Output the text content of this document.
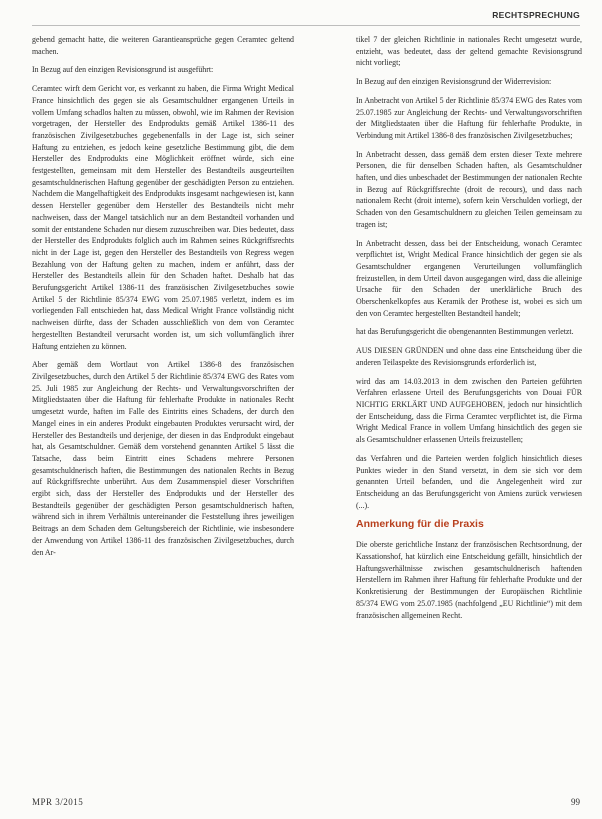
RECHTSPRECHUNG

gebend gemacht hatte, die weiteren Garantieansprüche gegen Ceramtec geltend machen.

In Bezug auf den einzigen Revisionsgrund ist ausgeführt:

Ceramtec wirft dem Gericht vor, es verkannt zu haben, die Firma Wright Medical France hinsichtlich des gegen sie als Gesamtschuldner ergangenen Urteils in vollem Umfang schadlos halten zu müssen, obwohl, wie im Rahmen der Revision vorgetragen, der Hersteller des Endprodukts gemäß Artikel 1386-11 des französischen Zivilgesetzbuches gegebenenfalls in der Lage ist, sich seiner Haftung zu entziehen, es jedoch keine gesetzliche Bestimmung gibt, die dem Hersteller des Endprodukts eine Möglichkeit eröffnet würde, sich eine festgestellten, gemeinsam mit dem Hersteller des Bestandteils ausgeurteilten gesamtschuldnerischen Haftung gegenüber der geschädigten Person zu entziehen. Nachdem die Mangelhaftigkeit des Endprodukts insgesamt nachgewiesen ist, kann dessen Hersteller gegenüber dem Hersteller des Bestandteils nicht mehr nachweisen, dass der Mangel tatsächlich nur an dem Bestandteil vorhanden und somit der entstandene Schaden nur diesem zuzuschreiben war. Dies bedeutet, dass der Hersteller des Endprodukts folglich auch im Rahmen seines Rückgriffsrechts nicht in der Lage ist, gegen den Hersteller des Bestandteils von Regress wegen Bezahlung von der Haftung gelten zu machen, indem er anführt, dass der Hersteller des Bestandteils allein für den Schaden haftet. Deshalb hat das Berufungsgericht Artikel 1386-11 des französischen Zivilgesetzbuches sowie Artikel 5 der Richtlinie 85/374 EWG vom 25.07.1985 verletzt, indem es im vorliegenden Fall entschieden hat, dass Medical Wright France vollständig nicht nachweisen dürfte, dass der Schaden ausschließlich von dem von Ceramtec hergestellten Bestandteil verursacht worden ist, um sich vollumfänglich ihrer Haftung entziehen zu können.

Aber gemäß dem Wortlaut von Artikel 1386-8 des französischen Zivilgesetzbuches, durch den Artikel 5 der Richtlinie 85/374 EWG des Rates vom 25. Juli 1985 zur Angleichung der Rechts- und Verwaltungsvorschriften der Mitgliedstaaten über die Haftung für fehlerhafte Produkte in nationales Recht umgesetzt wurde, haften im Falle des Eintritts eines Schadens, der durch den Mangel eines in ein anderes Produkt eingebauten Produktes verursacht wird, der Hersteller des Bestandteils und derjenige, der diesen in das Endprodukt eingebaut hat, als Gesamtschuldner. Gemäß dem vorstehend genannten Artikel 5 lässt die Tatsache, dass beim Eintritt eines Schadens mehrere Personen gesamtschuldnerisch haften, die Bestimmungen des nationalen Rechts in Bezug auf Rückgriffsrechte unberührt. Aus dem Zusammenspiel dieser Vorschriften ergibt sich, dass der Hersteller des Endprodukts und der Hersteller des Bestandteils gegenüber der geschädigten Person gesamtschuldnerisch haften, während sich in ihrem Verhältnis untereinander die Feststellung ihres jeweiligen Beitrags an dem Schaden dem Geltungsbereich der Richtlinie, wie insbesondere der Anwendung von Artikel 1386-11 des französischen Zivilgesetzbuches, durch den Ar-

tikel 7 der gleichen Richtlinie in nationales Recht umgesetzt wurde, entzieht, was bedeutet, dass der geltend gemachte Revisionsgrund nicht vorliegt;

In Bezug auf den einzigen Revisionsgrund der Widerrevision:

In Anbetracht von Artikel 5 der Richtlinie 85/374 EWG des Rates vom 25.07.1985 zur Angleichung der Rechts- und Verwaltungsvorschriften der Mitgliedstaaten über die Haftung für fehlerhafte Produkte, in Verbindung mit Artikel 1386-8 des französischen Zivilgesetzbuches;

In Anbetracht dessen, dass gemäß dem ersten dieser Texte mehrere Personen, die für denselben Schaden haften, als Gesamtschuldner haften, und dies unbeschadet der Bestimmungen der nationalen Rechte in Bezug auf Rückgriffsrechte (droit de recours), und dass nach nationalem Recht (droit interne), sofern kein Verschulden vorliegt, der Schaden von den Gesamtschuldnern zu gleichen Teilen gemeinsam zu tragen ist;

In Anbetracht dessen, dass bei der Entscheidung, wonach Ceramtec verpflichtet ist, Wright Medical France hinsichtlich der gegen sie als Gesamtschuldner ergangenen Verurteilungen vollumfänglich freizustellen, in dem Urteil davon ausgegangen wird, dass die alleinige Ursache für den Schaden der unerklärliche Bruch des Oberschenkelkopfes aus Keramik der Prothese ist, wobei es sich um den von Ceramtec hergestellten Bestandteil handelt;

hat das Berufungsgericht die obengenannten Bestimmungen verletzt.

AUS DIESEN GRÜNDEN und ohne dass eine Entscheidung über die anderen Teilaspekte des Revisionsgrunds erforderlich ist,

wird das am 14.03.2013 in dem zwischen den Parteien geführten Verfahren erlassene Urteil des Berufungsgerichts von Douai FÜR NICHTIG ERKLÄRT UND AUFGEHOBEN, jedoch nur hinsichtlich der Entscheidung, dass die Firma Ceramtec verpflichtet ist, die Firma Wright Medical France in vollem Umfang hinsichtlich des gegen sie als Gesamtschuldner erlassenen Urteils freizustellen;

das Verfahren und die Parteien werden folglich hinsichtlich dieses Punktes wieder in den Stand versetzt, in dem sie sich vor dem genannten Urteil befanden, und die Angelegenheit wird zur Entscheidung an das Berufungsgericht von Amiens zurück verwiesen (...).

Anmerkung für die Praxis

Die oberste gerichtliche Instanz der französischen Rechtsordnung, der Kassationshof, hat kürzlich eine Entscheidung gefällt, hinsichtlich der Haftungsverhältnisse zwischen gesamtschuldnerisch haftenden Herstellern im Rahmen ihrer Haftung für fehlerhafte Produkte und der Konkretisierung der Bestimmungen der Europäischen Richtlinie 85/374 EWG vom 25.07.1985 (nachfolgend „EU Richtlinie“) mit dem französischen allgemeinen Recht.

MPR 3/2015	99
